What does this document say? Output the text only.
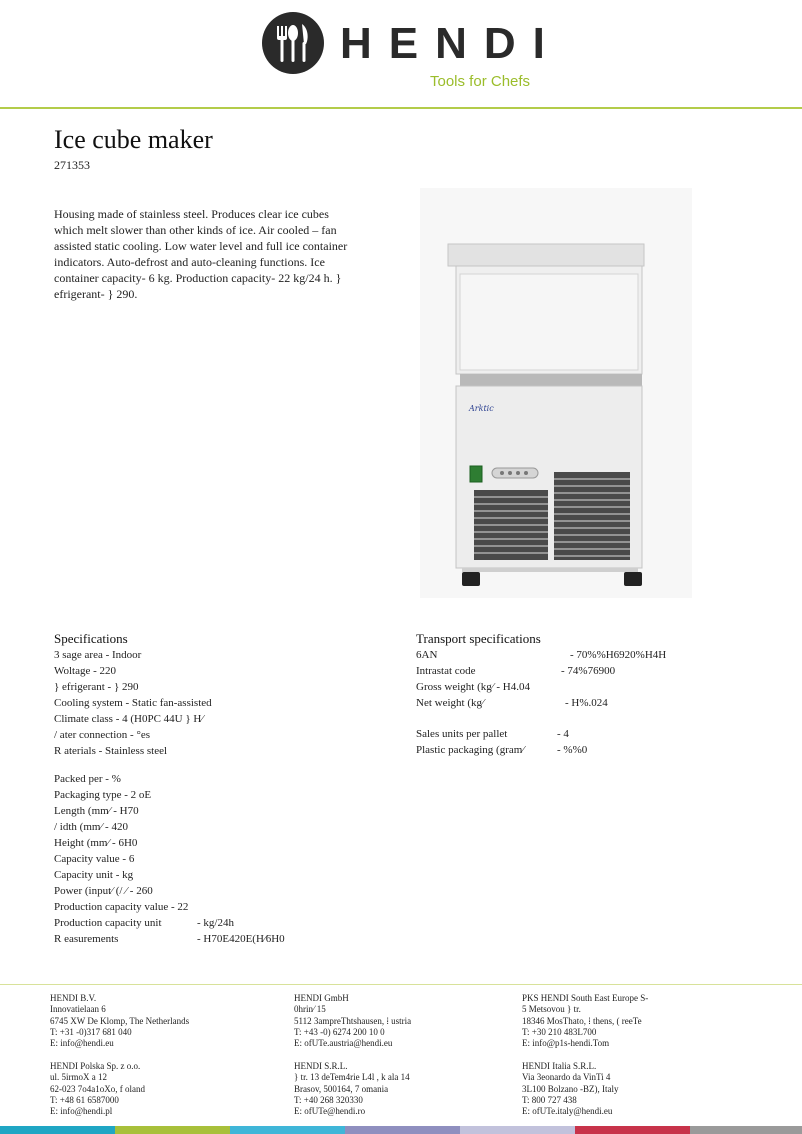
HENDI
Tools for Chefs
Ice cube maker
271353
Housing made of stainless steel. Produces clear ice cubes which melt slower than other kinds of ice. Air cooled – fan assisted static cooling. Low water level and full ice container indicators. Auto-defrost and auto-cleaning functions. Ice container capacity- 6 kg. Production capacity- 22 kg/24 h. } efrigerant- } 290.
Arktic
Specifications
3 sage area - Indoor
Woltage - 220
} efrigerant - } 290
Cooling system - Static fan-assisted
Climate class - 4 (H0PC 44U } H⁄
/ ater connection - °es
R aterials - Stainless steel
Packed per - %
Packaging type - 2 oE
Length (mm⁄ - H70
/ idth (mm⁄ - 420
Height (mm⁄ - 6H0
Capacity value - 6
Capacity unit - kg
Power (input⁄ (/ ⁄ - 260
Production capacity value - 22
Production capacity unit	- kg/24h
R easurements	- H70E420E(H⁄6H0
Transport specifications
6AN	- 70%%H6920%H4H
Intrastat code	- 74%76900
Gross weight (kg⁄ - H4.04
Net weight (kg⁄	- H%.024
Sales units per pallet	- 4
Plastic packaging (gram⁄	- %%0
HENDI B.V.
Innovatielaan 6
6745 XW De Klomp, The Netherlands
T: +31 -0)317 681 040
E: info@hendi.eu
HENDI GmbH
0hrin⁄ 15
5112 3ampreThtshausen, ⁞ ustria
T: +43 -0) 6274 200 10 0
E: ofUTe.austria@hendi.eu
PKS HENDI South East Europe S-
5 Metsovou } tr.
18346 MosThato, ⁞ thens, ( reeTe
T: +30 210 483L700
E: info@p1s-hendi.Tom
HENDI Polska Sp. z o.o.
ul. 5irmoX a 12
62-023 7o4a1oXo, f oland
T: +48 61 6587000
E: info@hendi.pl
HENDI S.R.L.
} tr. 13 deTem4rie L4l , k ala 14
Brasov, 500164, 7 omania
T: +40 268 320330
E: ofUTe@hendi.ro
HENDI Italia S.R.L.
Via 3eonardo da VinTi 4
3L100 Bolzano -BZ), Italy
T: 800 727 438
E: ofUTe.italy@hendi.eu
